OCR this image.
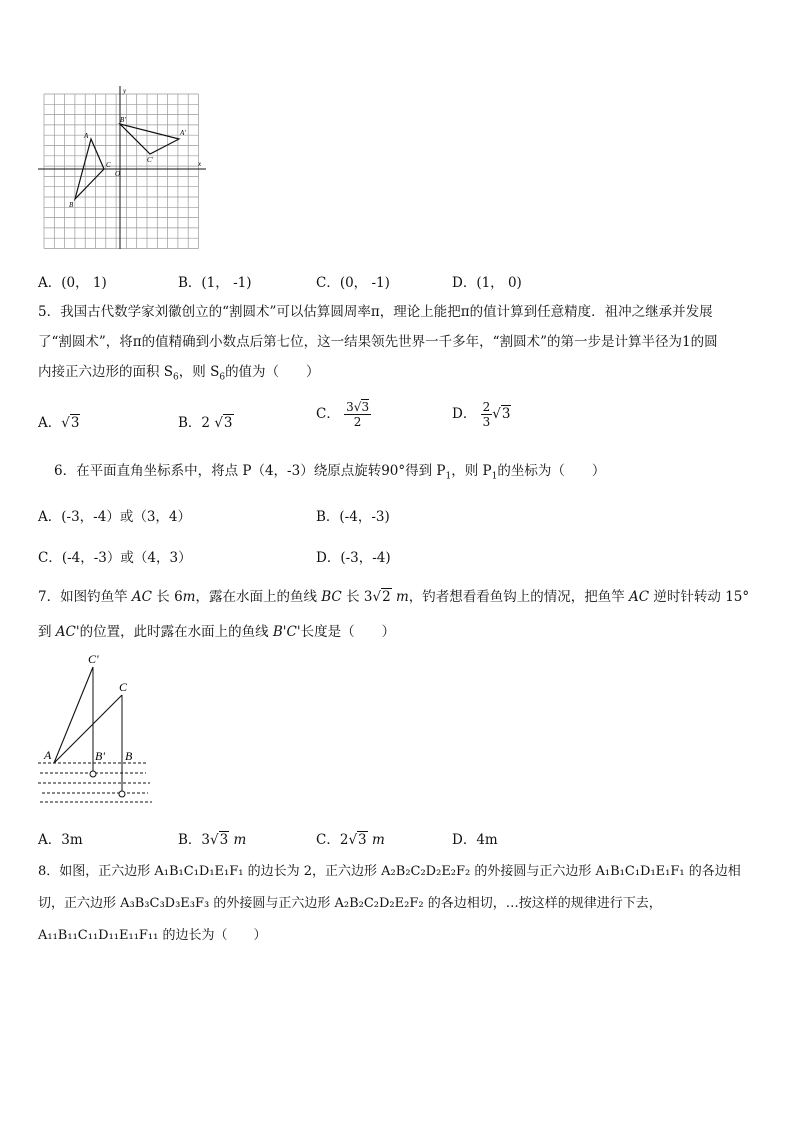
x
y
O
A
B
C
A'
B'
C'
A．(0， 1)	B．(1， -1)	C．(0， -1)	D．(1， 0)
5．我国古代数学家刘徽创立的“割圆术”可以估算圆周率π，理论上能把π的值计算到任意精度．祖冲之继承并发展
了“割圆术”，将π的值精确到小数点后第七位，这一结果领先世界一千多年，“割圆术”的第一步是计算半径为1的圆
内接正六边形的面积 $S_6$，则 $S_6$的值为（　　）
A．√3	B．2 √3
C． $\frac{3√3}{2}$	D． $\frac{2}{3} √3$
6．在平面直角坐标系中，将点 P（4，-3）绕原点旋转90°得到 $P_1$，则 $P_1$的坐标为（　　）
A．(-3，-4）或（3，4）	B．(-4，-3)
C．(-4，-3）或（4，3）	D．(-3，-4)
7．如图钓鱼竿 AC 长 6m，露在水面上的鱼线 BC 长 3√2 m，钓者想看看鱼钩上的情况，把鱼竿 AC 逆时针转动 15°
到 AC'的位置，此时露在水面上的鱼线 B'C'长度是（　　）
C'
C
A	B' B
A．3m	B．3√3 m	C．2√3 m	D．4m
8．如图，正六边形 A₁B₁C₁D₁E₁F₁ 的边长为 2，正六边形 A₂B₂C₂D₂E₂F₂ 的外接圆与正六边形 A₁B₁C₁D₁E₁F₁ 的各边相
切，正六边形 A₃B₃C₃D₃E₃F₃ 的外接圆与正六边形 A₂B₂C₂D₂E₂F₂ 的各边相切，…按这样的规律进行下去，
A₁₁B₁₁C₁₁D₁₁E₁₁F₁₁ 的边长为（　　）
